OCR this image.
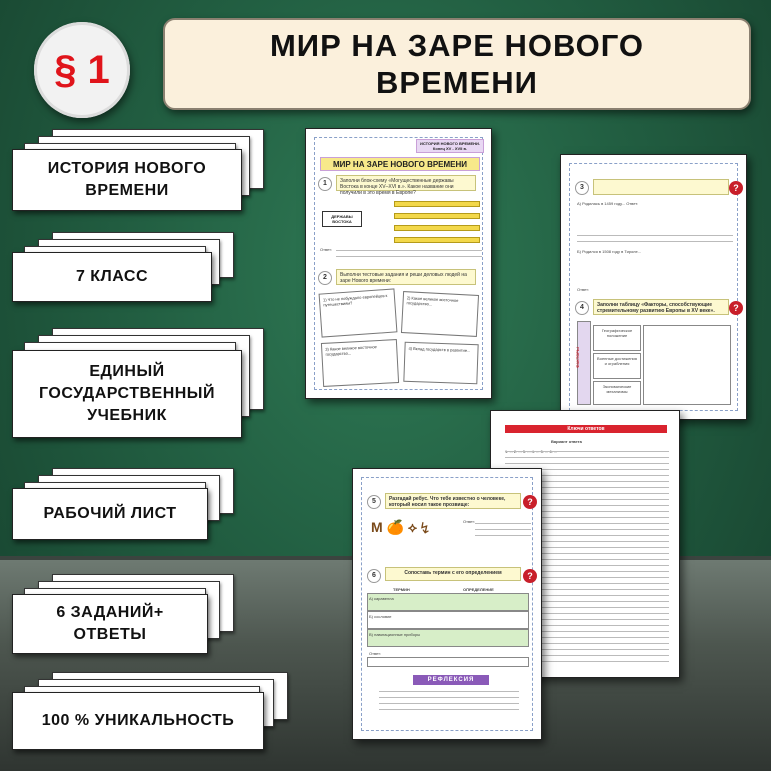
§ 1
МИР НА ЗАРЕ НОВОГО
ВРЕМЕНИ
ИСТОРИЯ НОВОГО
ВРЕМЕНИ
7 КЛАСС
ЕДИНЫЙ
ГОСУДАРСТВЕННЫЙ
УЧЕБНИК
РАБОЧИЙ ЛИСТ
6 ЗАДАНИЙ+
ОТВЕТЫ
100 % УНИКАЛЬНОСТЬ
ИСТОРИЯ НОВОГО ВРЕМЕНИ. Конец XV - XVII в.
МИР НА ЗАРЕ НОВОГО ВРЕМЕНИ
1	Заполни блок-схему «Могущественные державы Востока в конце XV–XVI в.». Какое название они получили в это время в Европе?
ДЕРЖАВЫ ВОСТОКА
Ответ:
2	Выполни тестовые задания и реши деловых людей на заре Нового времени:
1) Что не побуждало европейцев к путешествиям?
2) Какое великое восточное государство...
3) Какое великое восточное государство...
4) Вклад государств в развитие...
3	?
А) Родилась в 1459 году... Ответ:
Б) Родился в 1508 году в Тироле...
Ответ:
4	Заполни таблицу «Факторы, способствующие стремительному развитию Европы в XV веке».	?
ФАКТОРЫ
Географическое положение
Военные достижения и ограбления
Экономические механизмы
Ключи ответов
Вариант ответа
5	Разгадай ребус. Что тебе известно о человеке, который носил такое прозвище:	?
M 🍊 ⟡ ↯	Ответ:
6	Сопоставь термин с его определением	?
ТЕРМИН	ОПРЕДЕЛЕНИЕ
А) каравелла
Б) сословие
В) навигационные приборы
Ответ:
РЕФЛЕКСИЯ
